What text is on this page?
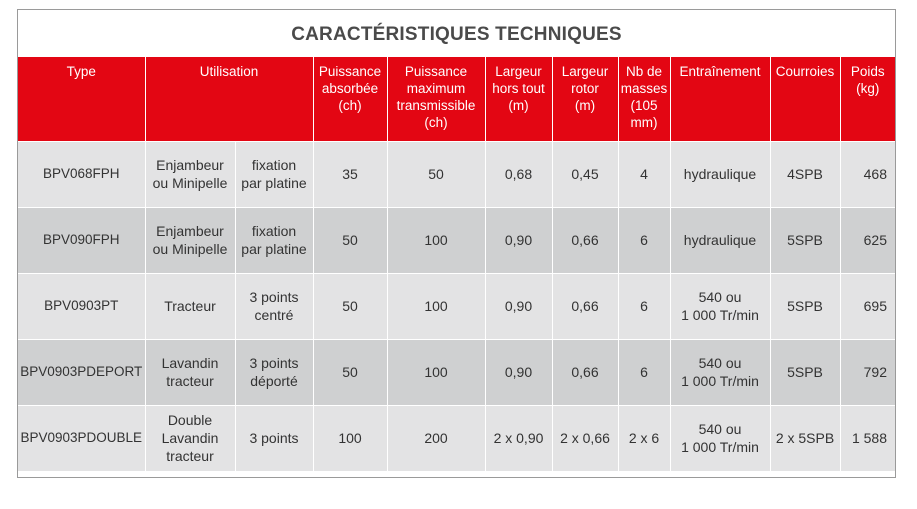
CARACTÉRISTIQUES TECHNIQUES
Type	Utilisation		Puissance
absorbée
(ch)	Puissance
maximum
transmissible
(ch)	Largeur
hors tout
(m)	Largeur
rotor
(m)	Nb de
masses
(105
mm)	Entraînement	Courroies	Poids
(kg)
BPV068FPH	Enjambeur
ou Minipelle	fixation
par platine	35	50	0,68	0,45	4	hydraulique	4SPB	468
BPV090FPH	Enjambeur
ou Minipelle	fixation
par platine	50	100	0,90	0,66	6	hydraulique	5SPB	625
BPV0903PT	Tracteur	3 points
centré	50	100	0,90	0,66	6	540 ou
1 000 Tr/min	5SPB	695
BPV0903PDEPORT	Lavandin
tracteur	3 points
déporté	50	100	0,90	0,66	6	540 ou
1 000 Tr/min	5SPB	792
BPV0903PDOUBLE	Double
Lavandin
tracteur	3 points	100	200	2 x 0,90	2 x 0,66	2 x 6	540 ou
1 000 Tr/min	2 x 5SPB	1 588
